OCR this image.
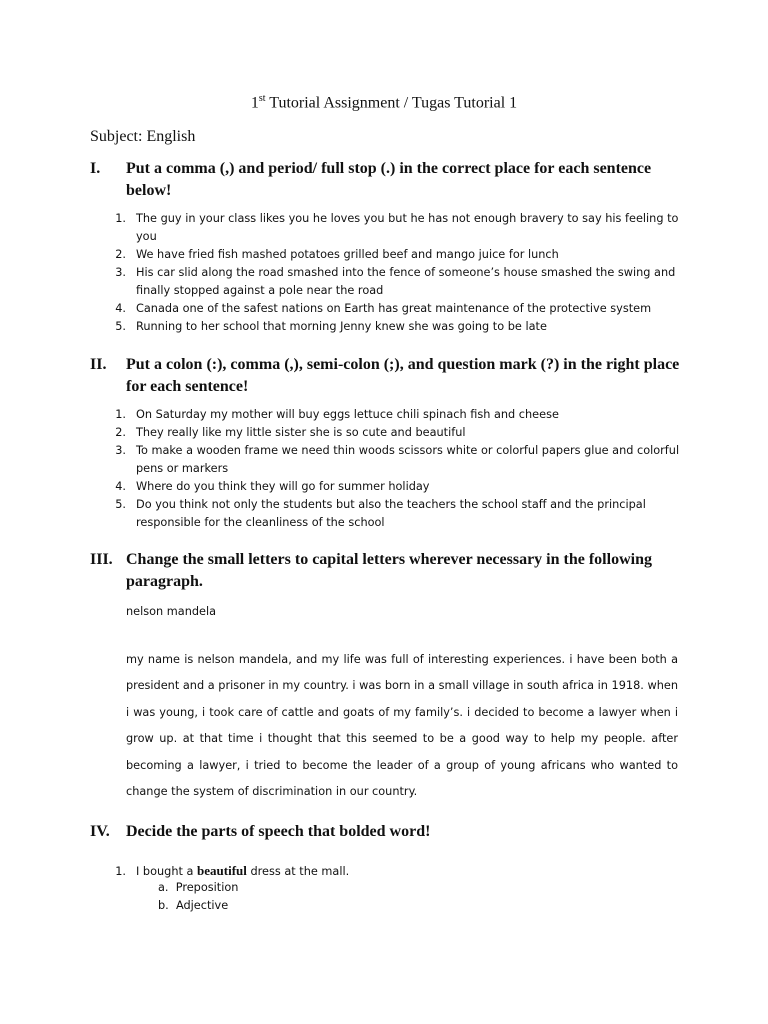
1st Tutorial Assignment / Tugas Tutorial 1
Subject: English
I.	Put a comma (,) and period/ full stop (.) in the correct place for each sentence below!
1. The guy in your class likes you he loves you but he has not enough bravery to say his feeling to you
2. We have fried fish mashed potatoes grilled beef and mango juice for lunch
3. His car slid along the road smashed into the fence of someone’s house smashed the swing and finally stopped against a pole near the road
4. Canada one of the safest nations on Earth has great maintenance of the protective system
5. Running to her school that morning Jenny knew she was going to be late
II.	Put a colon (:), comma (,), semi-colon (;), and question mark (?) in the right place for each sentence!
1. On Saturday my mother will buy eggs lettuce chili spinach fish and cheese
2. They really like my little sister she is so cute and beautiful
3. To make a wooden frame we need thin woods scissors white or colorful papers glue and colorful pens or markers
4. Where do you think they will go for summer holiday
5. Do you think not only the students but also the teachers the school staff and the principal responsible for the cleanliness of the school
III. Change the small letters to capital letters wherever necessary in the following paragraph.
nelson mandela
my name is nelson mandela, and my life was full of interesting experiences. i have been both a president and a prisoner in my country. i was born in a small village in south africa in 1918. when i was young, i took care of cattle and goats of my family’s. i decided to become a lawyer when i grow up. at that time i thought that this seemed to be a good way to help my people. after becoming a lawyer, i tried to become the leader of a group of young africans who wanted to change the system of discrimination in our country.
IV.	Decide the parts of speech that bolded word!
1. I bought a beautiful dress at the mall.
a. Preposition
b. Adjective
